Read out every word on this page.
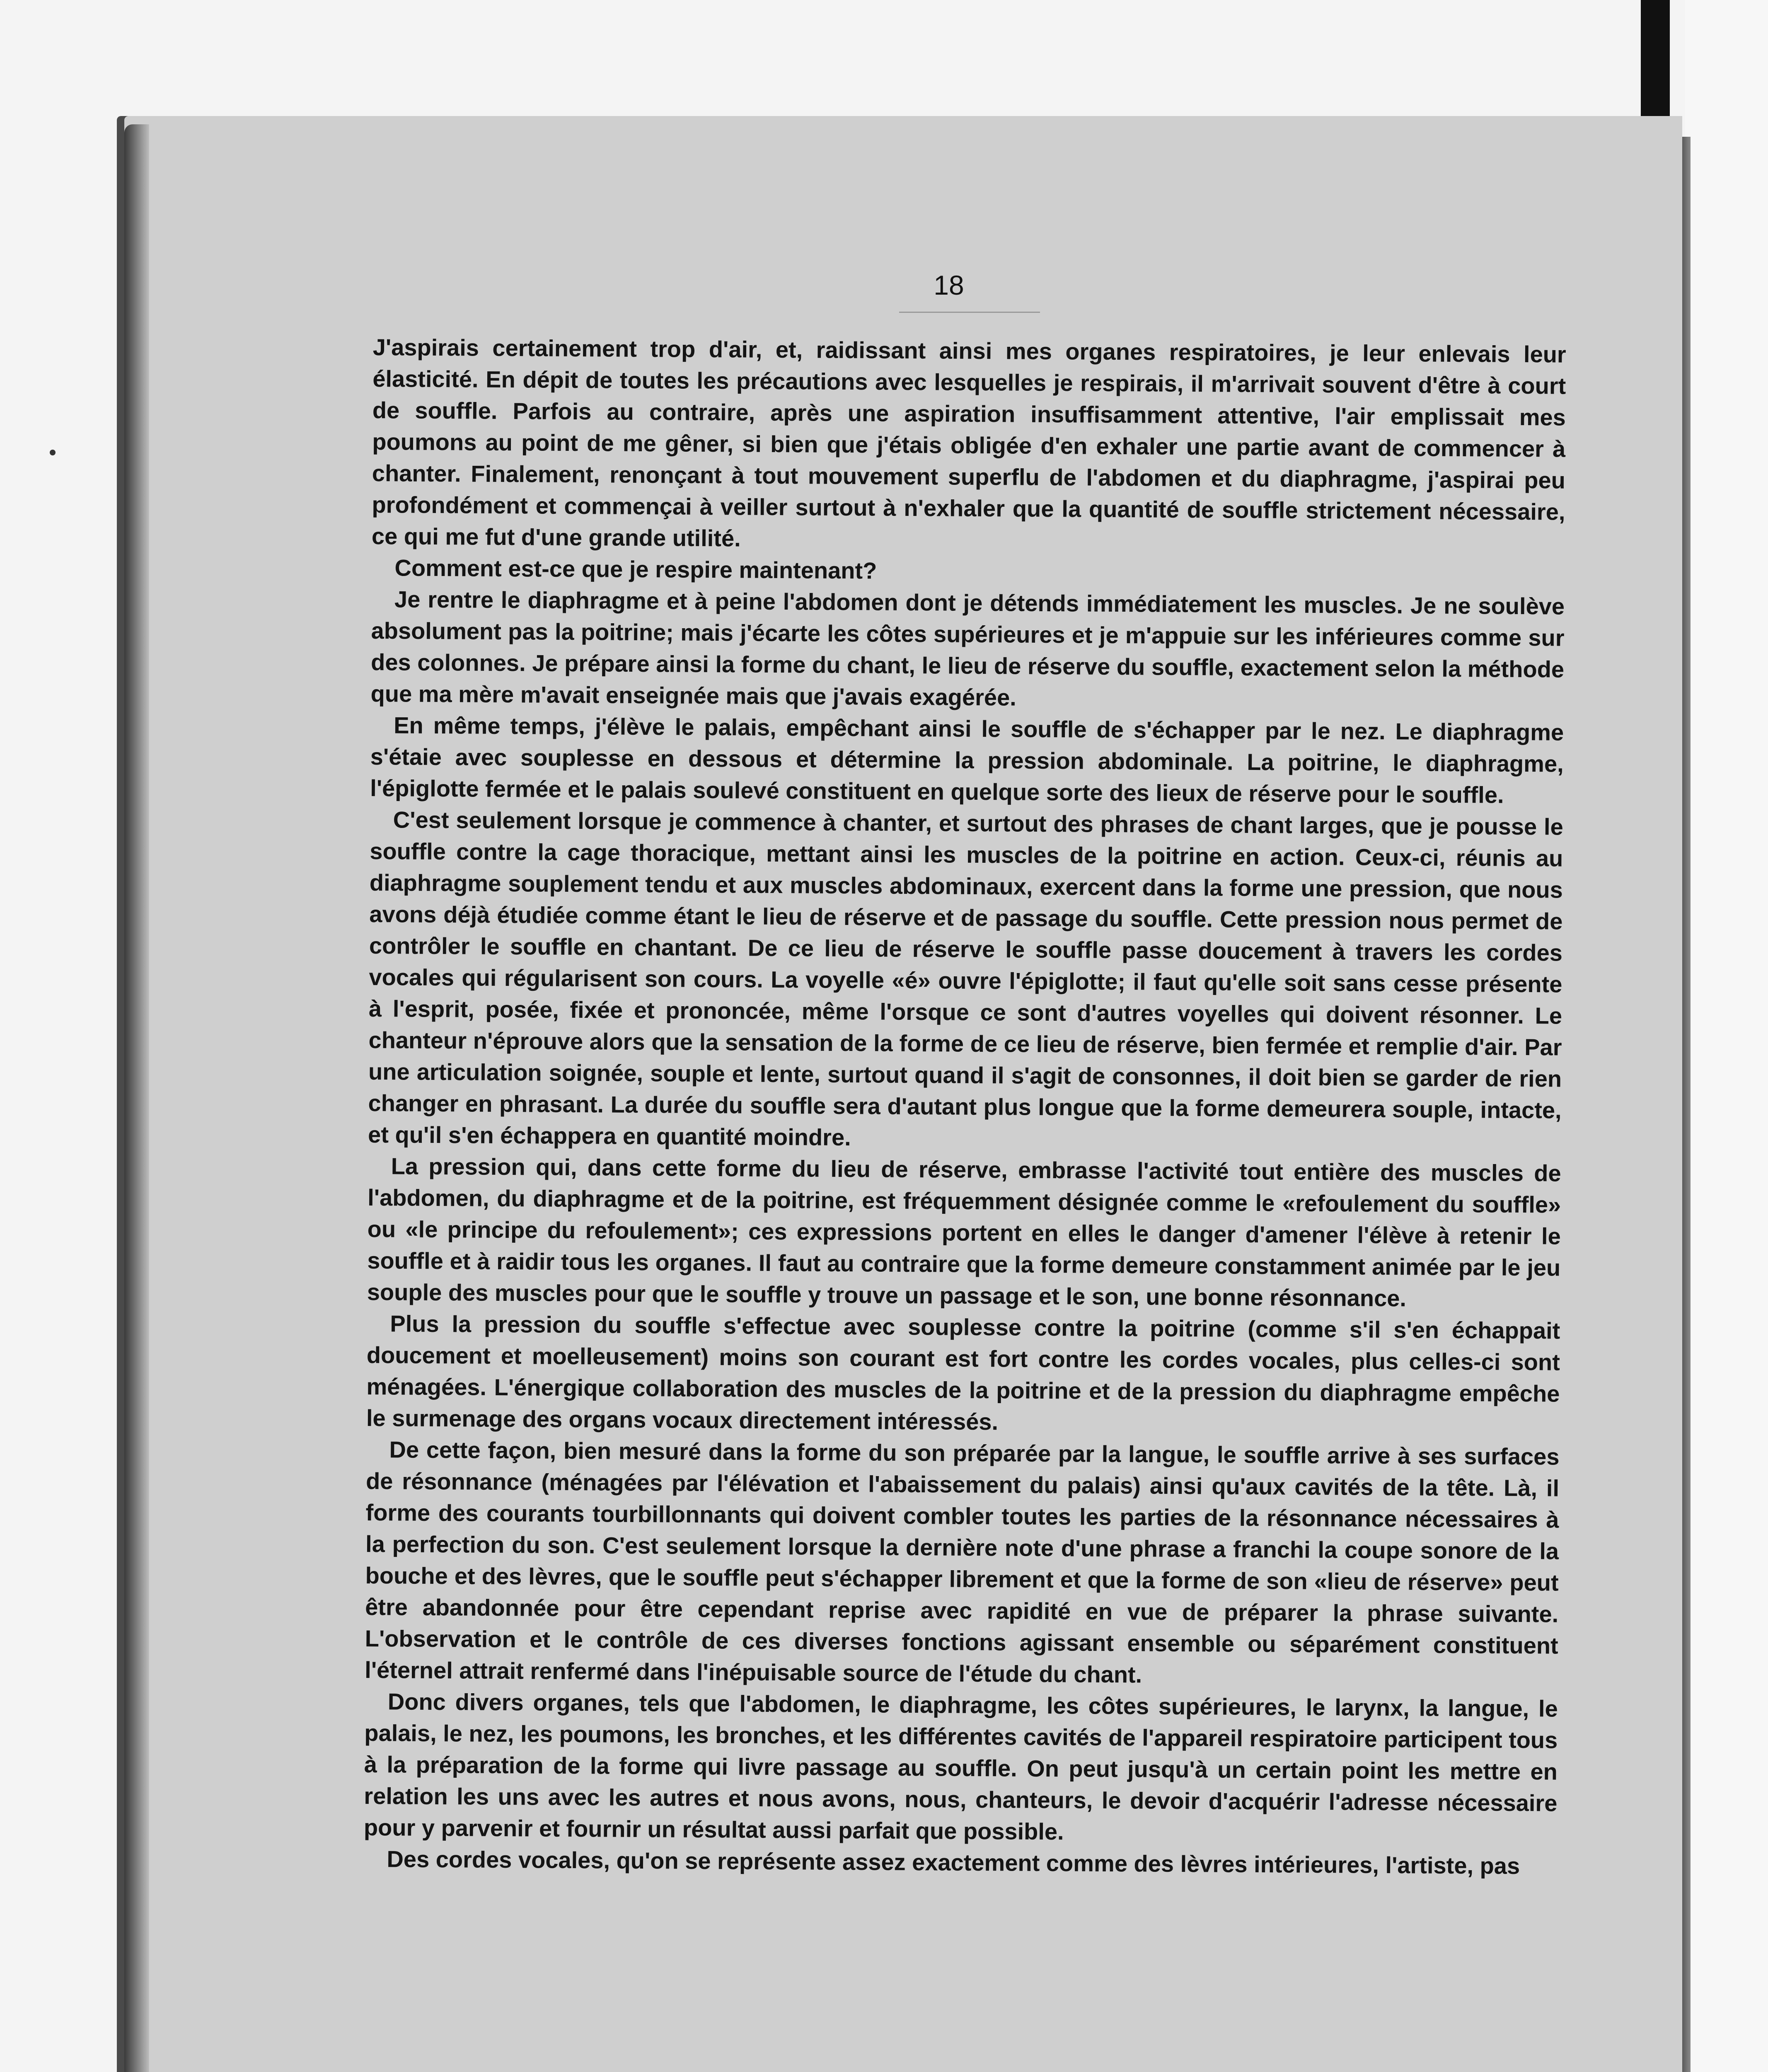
18

J'aspirais certainement trop d'air, et, raidissant ainsi mes organes respiratoires, je leur enlevais leur élasticité. En dépit de toutes les précautions avec lesquelles je respirais, il m'arrivait souvent d'être à court de souffle. Parfois au contraire, après une aspiration insuffisamment attentive, l'air emplissait mes poumons au point de me gêner, si bien que j'étais obligée d'en exhaler une partie avant de commencer à chanter. Finalement, renonçant à tout mouvement superflu de l'abdomen et du diaphragme, j'aspirai peu profondément et commençai à veiller surtout à n'exhaler que la quantité de souffle strictement nécessaire, ce qui me fut d'une grande utilité.

Comment est-ce que je respire maintenant?

Je rentre le diaphragme et à peine l'abdomen dont je détends immédiatement les muscles. Je ne soulève absolument pas la poitrine; mais j'écarte les côtes supérieures et je m'appuie sur les inférieures comme sur des colonnes. Je prépare ainsi la forme du chant, le lieu de réserve du souffle, exactement selon la méthode que ma mère m'avait enseignée mais que j'avais exagérée.

En même temps, j'élève le palais, empêchant ainsi le souffle de s'échapper par le nez. Le diaphragme s'étaie avec souplesse en dessous et détermine la pression abdominale. La poitrine, le diaphragme, l'épiglotte fermée et le palais soulevé constituent en quelque sorte des lieux de réserve pour le souffle.

C'est seulement lorsque je commence à chanter, et surtout des phrases de chant larges, que je pousse le souffle contre la cage thoracique, mettant ainsi les muscles de la poitrine en action. Ceux-ci, réunis au diaphragme souplement tendu et aux muscles abdominaux, exercent dans la forme une pression, que nous avons déjà étudiée comme étant le lieu de réserve et de passage du souffle. Cette pression nous permet de contrôler le souffle en chantant. De ce lieu de réserve le souffle passe doucement à travers les cordes vocales qui régularisent son cours. La voyelle «é» ouvre l'épiglotte; il faut qu'elle soit sans cesse présente à l'esprit, posée, fixée et prononcée, même l'orsque ce sont d'autres voyelles qui doivent résonner. Le chanteur n'éprouve alors que la sensation de la forme de ce lieu de réserve, bien fermée et remplie d'air. Par une articulation soignée, souple et lente, surtout quand il s'agit de consonnes, il doit bien se garder de rien changer en phrasant. La durée du souffle sera d'autant plus longue que la forme demeurera souple, intacte, et qu'il s'en échappera en quantité moindre.

La pression qui, dans cette forme du lieu de réserve, embrasse l'activité tout entière des muscles de l'abdomen, du diaphragme et de la poitrine, est fréquemment désignée comme le «refoulement du souffle» ou «le principe du refoulement»; ces expressions portent en elles le danger d'amener l'élève à retenir le souffle et à raidir tous les organes. Il faut au contraire que la forme demeure constamment animée par le jeu souple des muscles pour que le souffle y trouve un passage et le son, une bonne résonnance.

Plus la pression du souffle s'effectue avec souplesse contre la poitrine (comme s'il s'en échappait doucement et moelleusement) moins son courant est fort contre les cordes vocales, plus celles-ci sont ménagées. L'énergique collaboration des muscles de la poitrine et de la pression du diaphragme empêche le surmenage des organs vocaux directement intéressés.

De cette façon, bien mesuré dans la forme du son préparée par la langue, le souffle arrive à ses surfaces de résonnance (ménagées par l'élévation et l'abaissement du palais) ainsi qu'aux cavités de la tête. Là, il forme des courants tourbillonnants qui doivent combler toutes les parties de la résonnance nécessaires à la perfection du son. C'est seulement lorsque la dernière note d'une phrase a franchi la coupe sonore de la bouche et des lèvres, que le souffle peut s'échapper librement et que la forme de son «lieu de réserve» peut être abandonnée pour être cependant reprise avec rapidité en vue de préparer la phrase suivante. L'observation et le contrôle de ces diverses fonctions agissant ensemble ou séparément constituent l'éternel attrait renfermé dans l'inépuisable source de l'étude du chant.

Donc divers organes, tels que l'abdomen, le diaphragme, les côtes supérieures, le larynx, la langue, le palais, le nez, les poumons, les bronches, et les différentes cavités de l'appareil respiratoire participent tous à la préparation de la forme qui livre passage au souffle. On peut jusqu'à un certain point les mettre en relation les uns avec les autres et nous avons, nous, chanteurs, le devoir d'acquérir l'adresse nécessaire pour y parvenir et fournir un résultat aussi parfait que possible.

Des cordes vocales, qu'on se représente assez exactement comme des lèvres intérieures, l'artiste, pas
